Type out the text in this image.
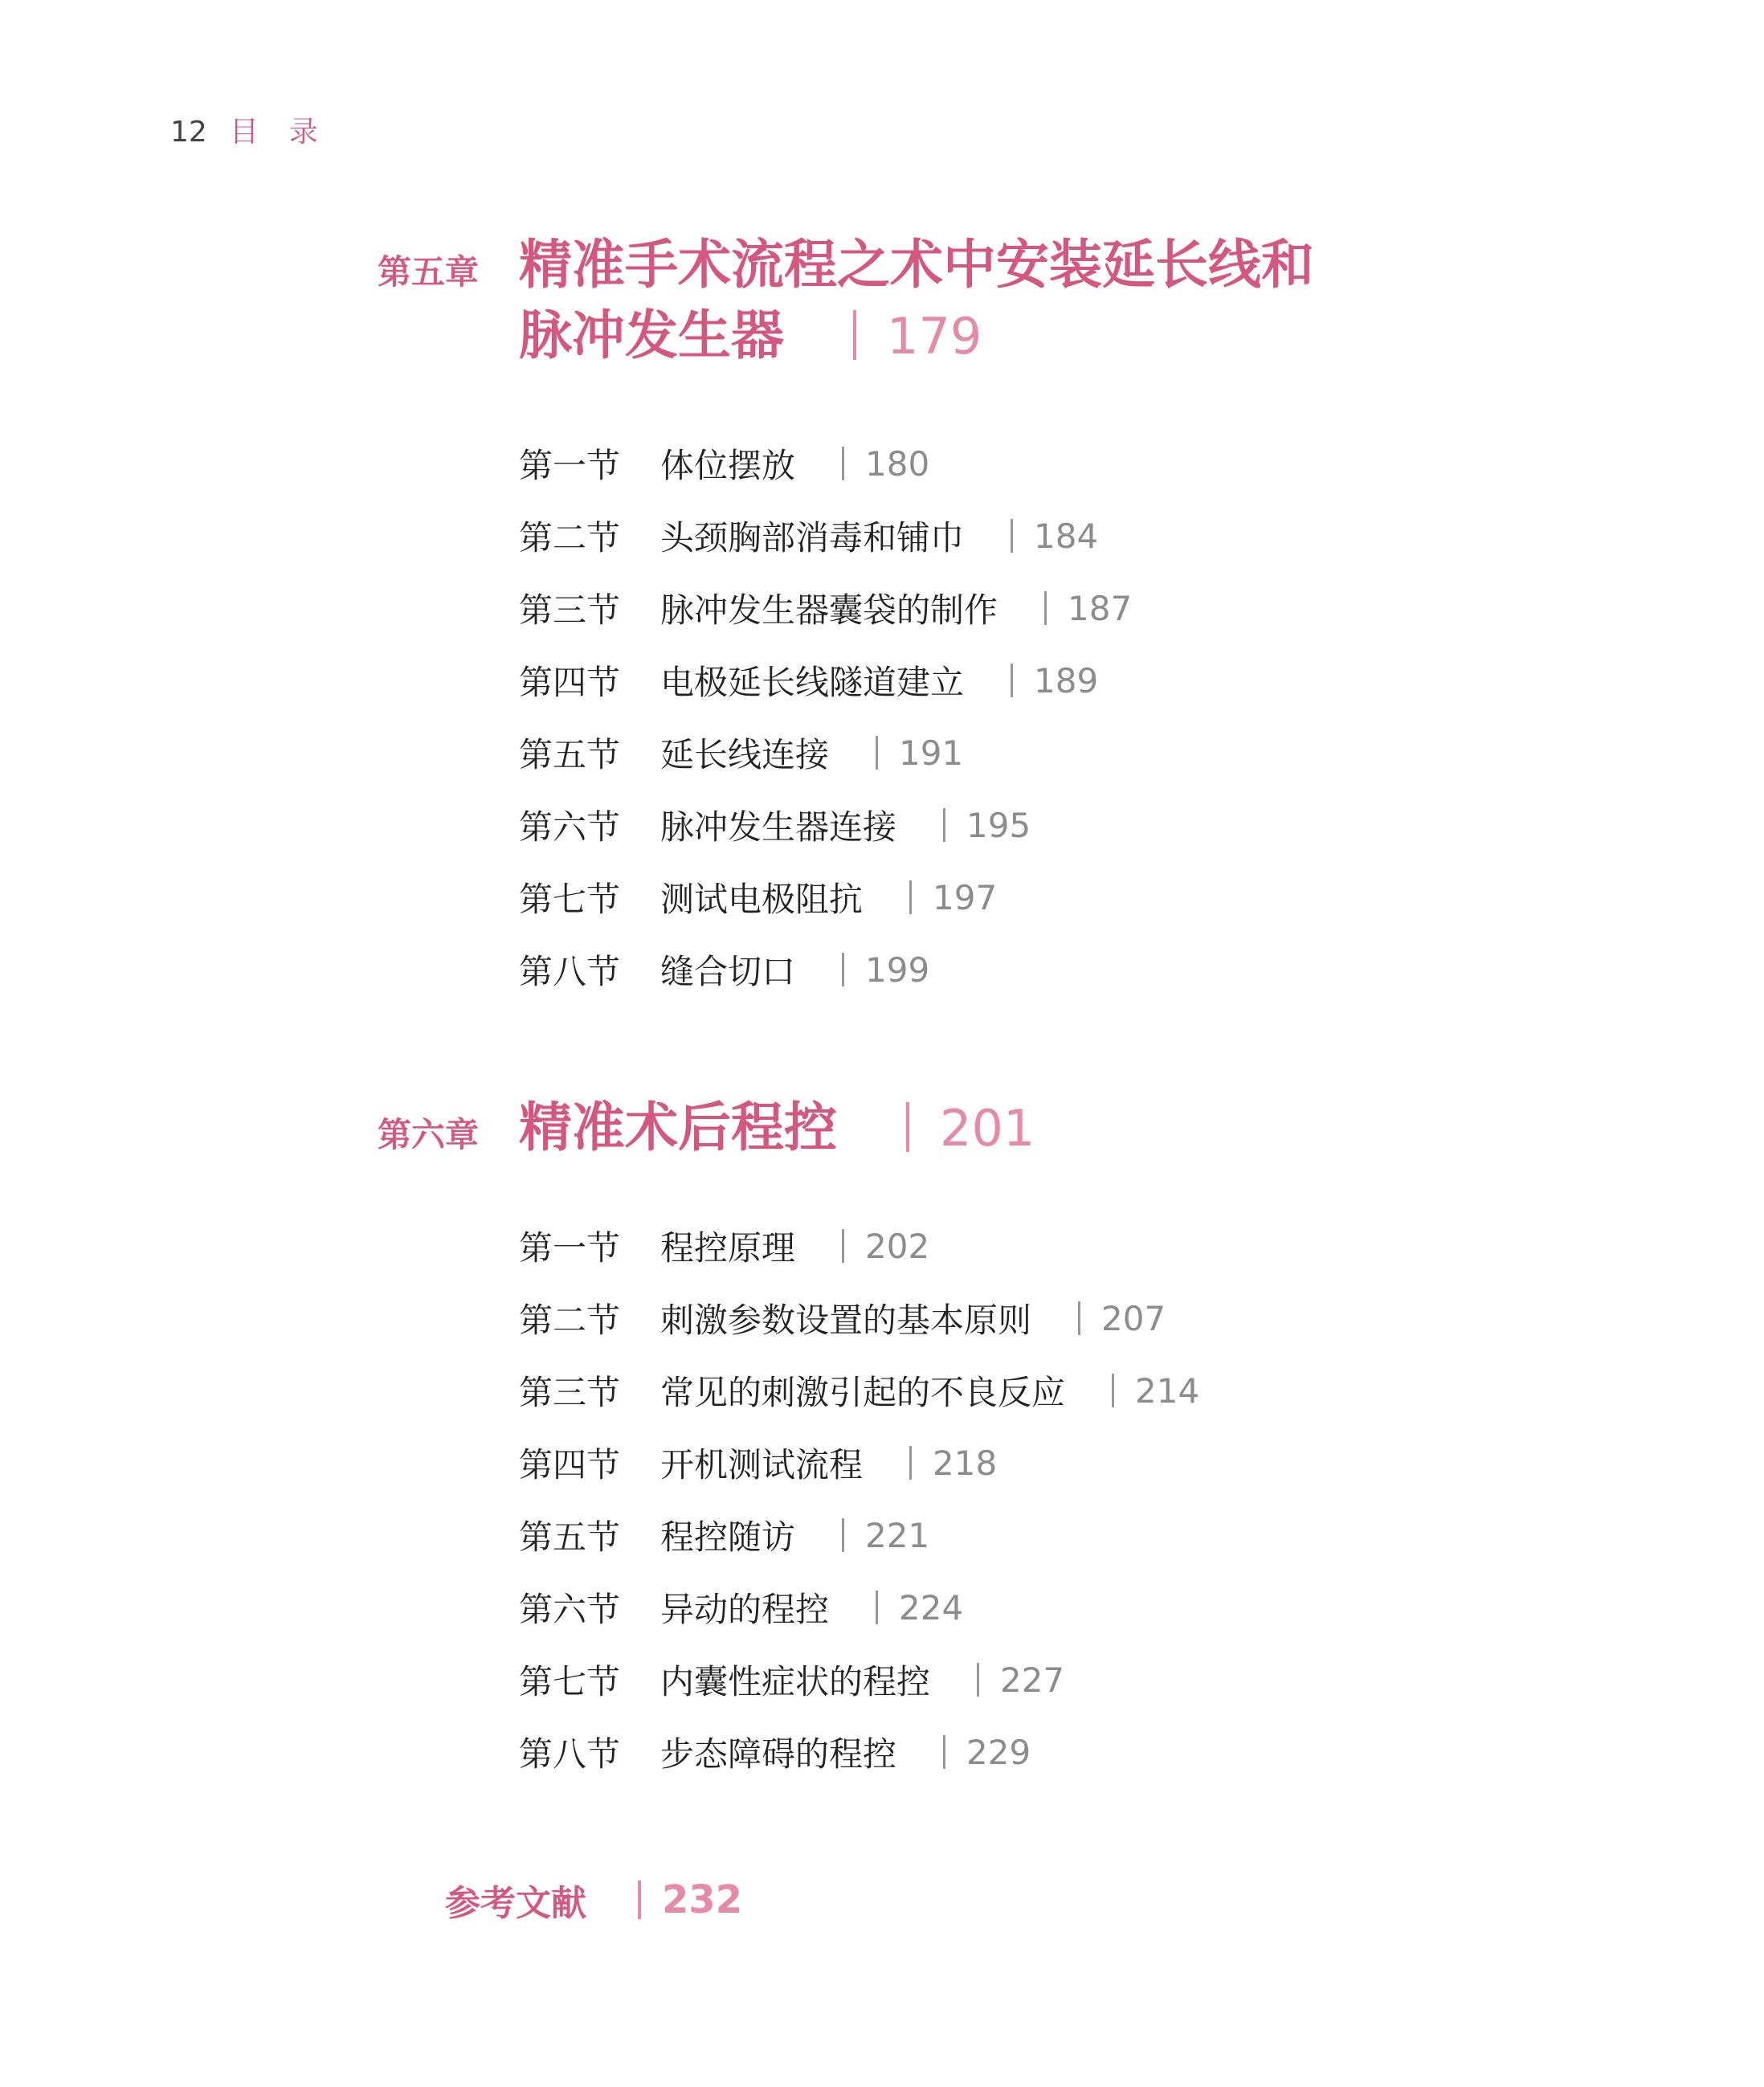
12 目录
第五章 精准手术流程之术中安装延长线和
脉冲发生器 179
第一节	体位摆放 180
第二节	头颈胸部消毒和铺巾 184
第三节	脉冲发生器囊袋的制作 187
第四节	电极延长线隧道建立 189
第五节	延长线连接 191
第六节	脉冲发生器连接 195
第七节	测试电极阻抗 197
第八节	缝合切口 199
第六章 精准术后程控 201
第一节	程控原理 202
第二节	刺激参数设置的基本原则 207
第三节	常见的刺激引起的不良反应 214
第四节	开机测试流程 218
第五节	程控随访 221
第六节	异动的程控 224
第七节	内囊性症状的程控 227
第八节	步态障碍的程控 229
参考文献 232
